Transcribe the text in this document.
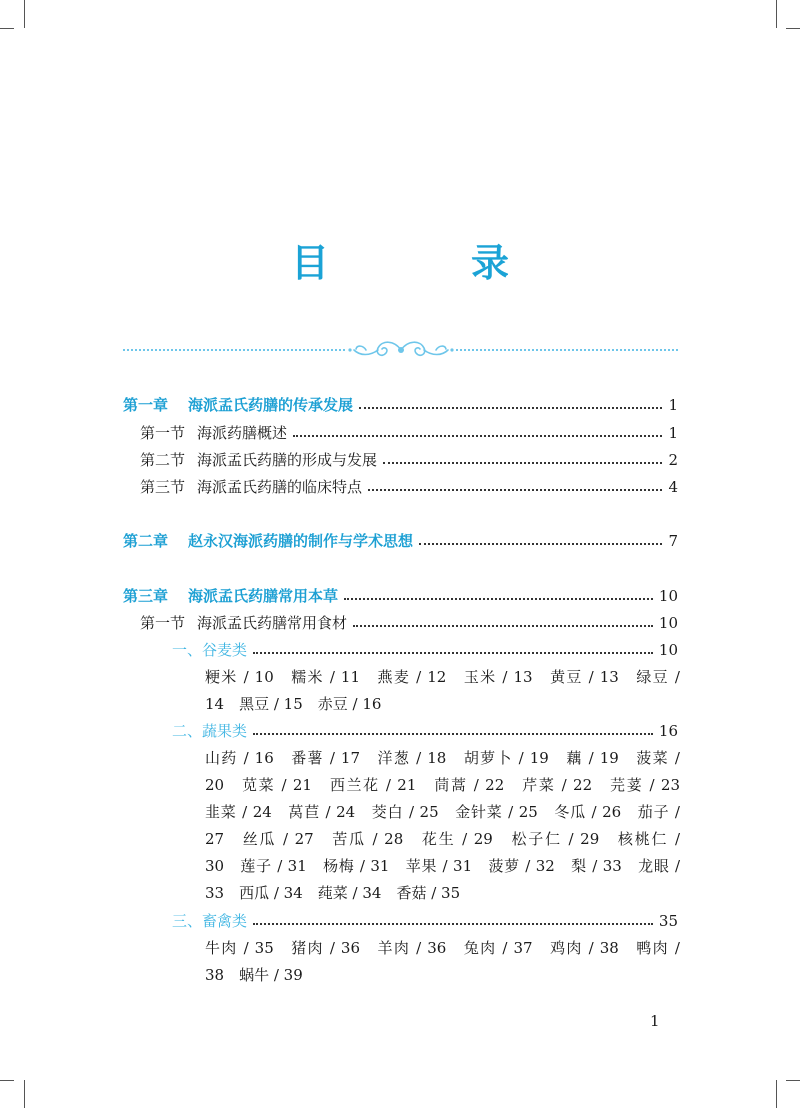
目　录
第一章 海派孟氏药膳的传承发展	1
第一节 海派药膳概述	1
第二节 海派孟氏药膳的形成与发展	2
第三节 海派孟氏药膳的临床特点	4
第二章 赵永汉海派药膳的制作与学术思想	7
第三章 海派孟氏药膳常用本草	10
第一节 海派孟氏药膳常用食材	10
一、谷麦类	10
粳米 / 10　糯米 / 11　燕麦 / 12　玉米 / 13　黄豆 / 13　绿豆 /
14　黑豆 / 15　赤豆 / 16
二、蔬果类	16
山药 / 16　番薯 / 17　洋葱 / 18　胡萝卜 / 19　藕 / 19　菠菜 /
20　苋菜 / 21　西兰花 / 21　茼蒿 / 22　芹菜 / 22　芫荽 / 23
韭菜 / 24　莴苣 / 24　茭白 / 25　金针菜 / 25　冬瓜 / 26　茄子 /
27　丝瓜 / 27　苦瓜 / 28　花生 / 29　松子仁 / 29　核桃仁 /
30　莲子 / 31　杨梅 / 31　苹果 / 31　菠萝 / 32　梨 / 33　龙眼 /
33　西瓜 / 34　莼菜 / 34　香菇 / 35
三、畜禽类	35
牛肉 / 35　猪肉 / 36　羊肉 / 36　兔肉 / 37　鸡肉 / 38　鸭肉 /
38　蜗牛 / 39
1
